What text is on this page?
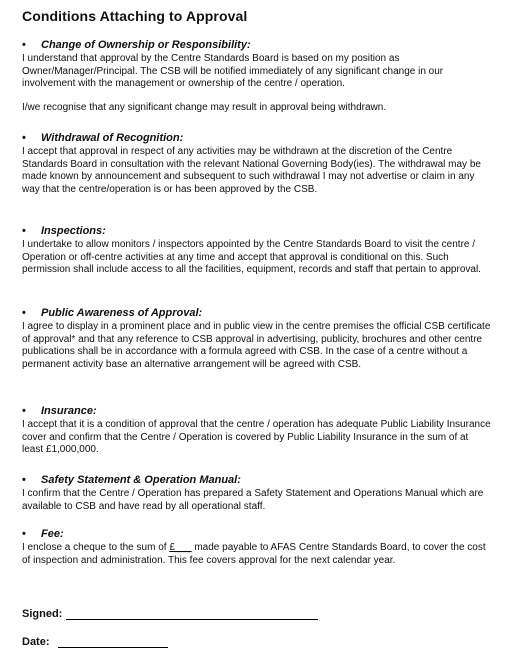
Conditions Attaching to Approval
•	Change of Ownership or Responsibility:
I understand that approval by the Centre Standards Board is based on my position as Owner/Manager/Principal. The CSB will be notified immediately of any significant change in our involvement with the management or ownership of the centre / operation.
I/we recognise that any significant change may result in approval being withdrawn.
•	Withdrawal of Recognition:
I accept that approval in respect of any activities may be withdrawn at the discretion of the Centre Standards Board in consultation with the relevant National Governing Body(ies). The withdrawal may be made known by announcement and subsequent to such withdrawal I may not advertise or claim in any way that the centre/operation is or has been approved by the CSB.
•	Inspections:
I undertake to allow monitors / inspectors appointed by the Centre Standards Board to visit the centre / Operation or off-centre activities at any time and accept that approval is conditional on this. Such permission shall include access to all the facilities, equipment, records and staff that pertain to approval.
•	Public Awareness of Approval:
I agree to display in a prominent place and in public view in the centre premises the official CSB certificate of approval* and that any reference to CSB approval in advertising, publicity, brochures and other centre publications shall be in accordance with a formula agreed with CSB. In the case of a centre without a permanent activity base an alternative arrangement will be agreed with CSB.
•	Insurance:
I accept that it is a condition of approval that the centre / operation has adequate Public Liability Insurance cover and confirm that the Centre / Operation is covered by Public Liability Insurance in the sum of at least £1,000,000.
•	Safety Statement & Operation Manual:
I confirm that the Centre / Operation has prepared a Safety Statement and Operations Manual which are available to CSB and have read by all operational staff.
•	Fee:
I enclose a cheque to the sum of £___ made payable to AFAS Centre Standards Board, to cover the cost of inspection and administration. This fee covers approval for the next calendar year.
Signed:
Date:
